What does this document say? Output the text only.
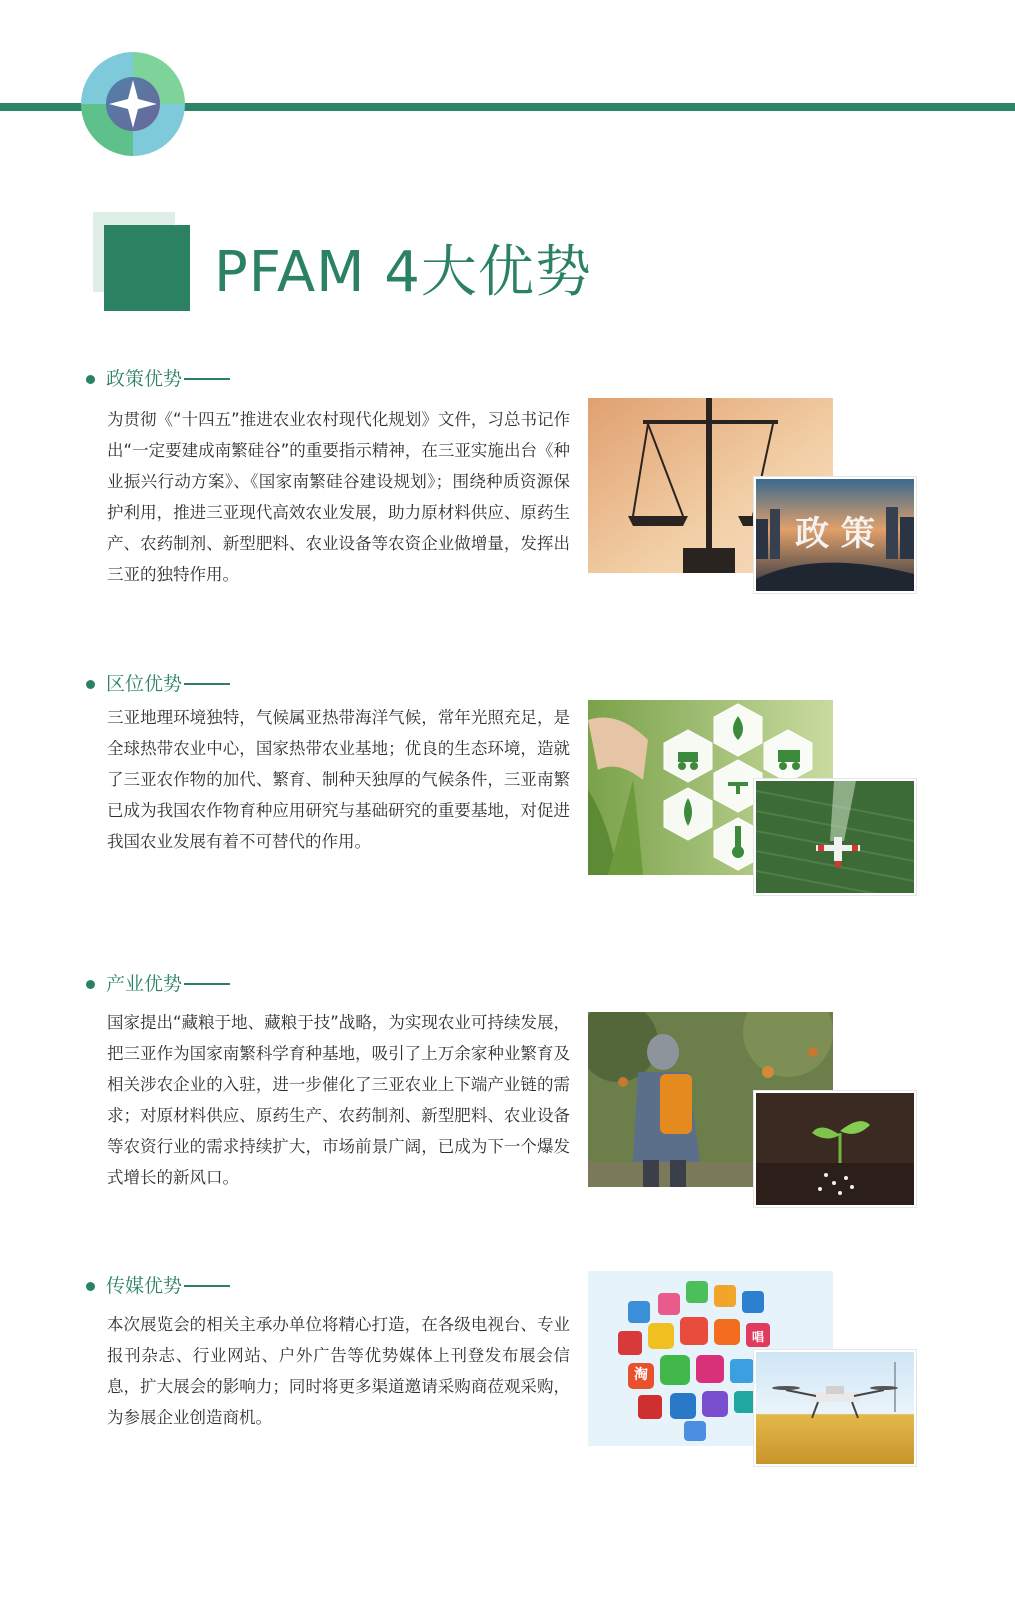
PFAM 4大优势
政策优势
为贯彻《“十四五”推进农业农村现代化规划》文件，习总书记作出“一定要建成南繁硅谷”的重要指示精神，在三亚实施出台《种业振兴行动方案》、《国家南繁硅谷建设规划》；围绕种质资源保护利用，推进三亚现代高效农业发展，助力原材料供应、原药生产、农药制剂、新型肥料、农业设备等农资企业做增量，发挥出三亚的独特作用。
政 策
区位优势
三亚地理环境独特，气候属亚热带海洋气候，常年光照充足，是全球热带农业中心，国家热带农业基地；优良的生态环境，造就了三亚农作物的加代、繁育、制种天独厚的气候条件，三亚南繁已成为我国农作物育种应用研究与基础研究的重要基地，对促进我国农业发展有着不可替代的作用。
产业优势
国家提出“藏粮于地、藏粮于技”战略，为实现农业可持续发展，把三亚作为国家南繁科学育种基地，吸引了上万余家种业繁育及相关涉农企业的入驻，进一步催化了三亚农业上下端产业链的需求；对原材料供应、原药生产、农药制剂、新型肥料、农业设备等农资行业的需求持续扩大，市场前景广阔，已成为下一个爆发式增长的新风口。
传媒优势
本次展览会的相关主承办单位将精心打造，在各级电视台、专业报刊杂志、行业网站、户外广告等优势媒体上刊登发布展会信息，扩大展会的影响力；同时将更多渠道邀请采购商莅观采购，为参展企业创造商机。
淘
唱
